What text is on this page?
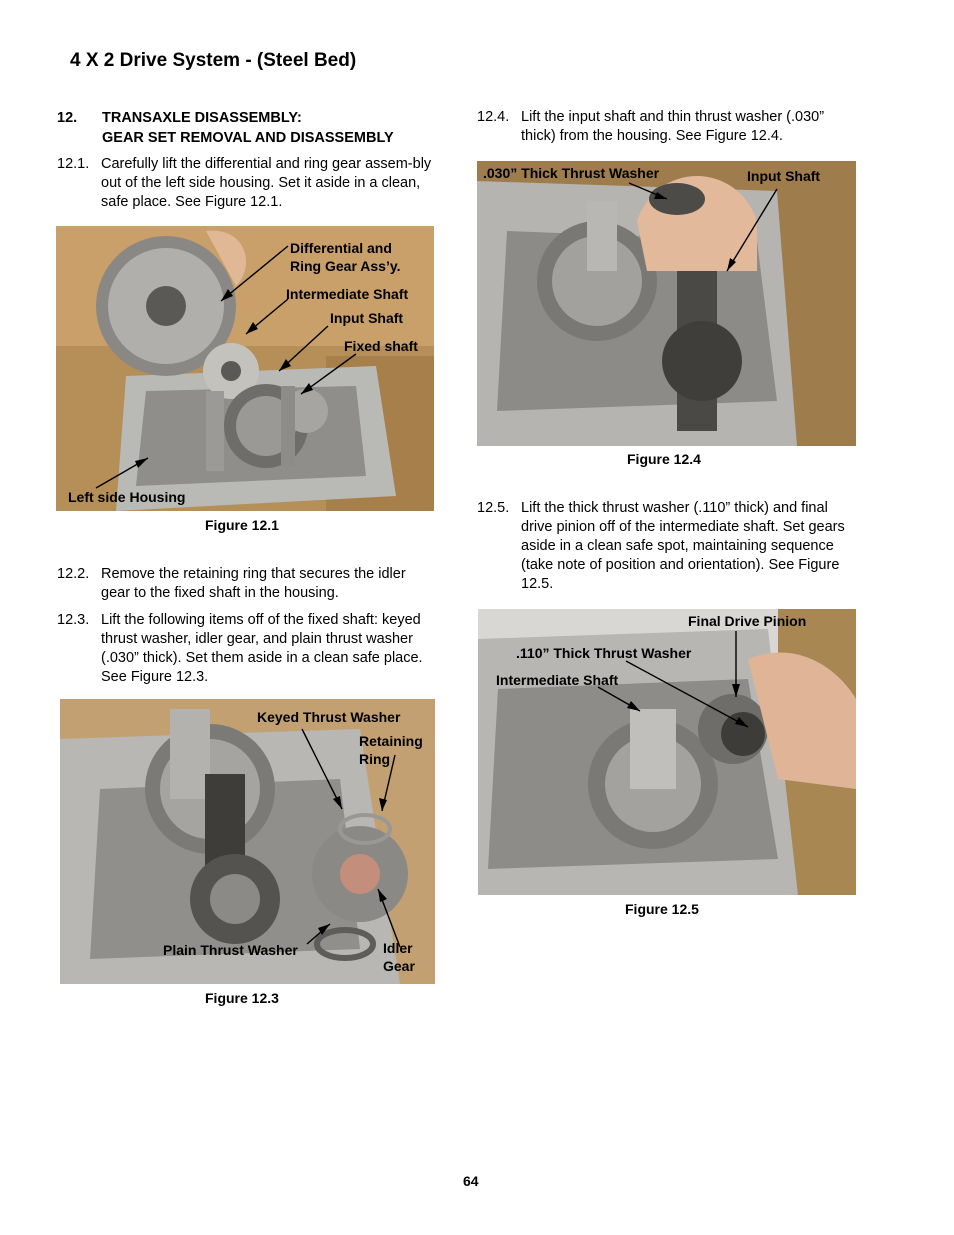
4 X 2 Drive System - (Steel Bed)
12. TRANSAXLE DISASSEMBLY:
GEAR SET REMOVAL AND DISASSEMBLY
12.1. Carefully lift the differential and ring gear assem-bly out of the left side housing. Set it aside in a clean, safe place. See Figure 12.1.
Differential and
Ring Gear Ass’y.
Intermediate Shaft
Input Shaft
Fixed shaft
Left side Housing
Figure 12.1
12.2. Remove the retaining ring that secures the idler gear to the fixed shaft in the housing.
12.3. Lift the following items off of the fixed shaft: keyed thrust washer, idler gear, and plain thrust washer (.030” thick). Set them aside in a clean safe place. See Figure 12.3.
Keyed Thrust Washer
Retaining
Ring
Plain Thrust Washer	Idler
Gear
Figure 12.3
12.4. Lift the input shaft and thin thrust washer (.030” thick) from the housing. See Figure 12.4.
.030” Thick Thrust Washer	Input Shaft
Figure 12.4
12.5. Lift the thick thrust washer (.110” thick) and final drive pinion off of the intermediate shaft. Set gears aside in a clean safe spot, maintaining sequence (take note of position and orientation). See Figure 12.5.
Final Drive Pinion
.110” Thick Thrust Washer
Intermediate Shaft
Figure 12.5
64
